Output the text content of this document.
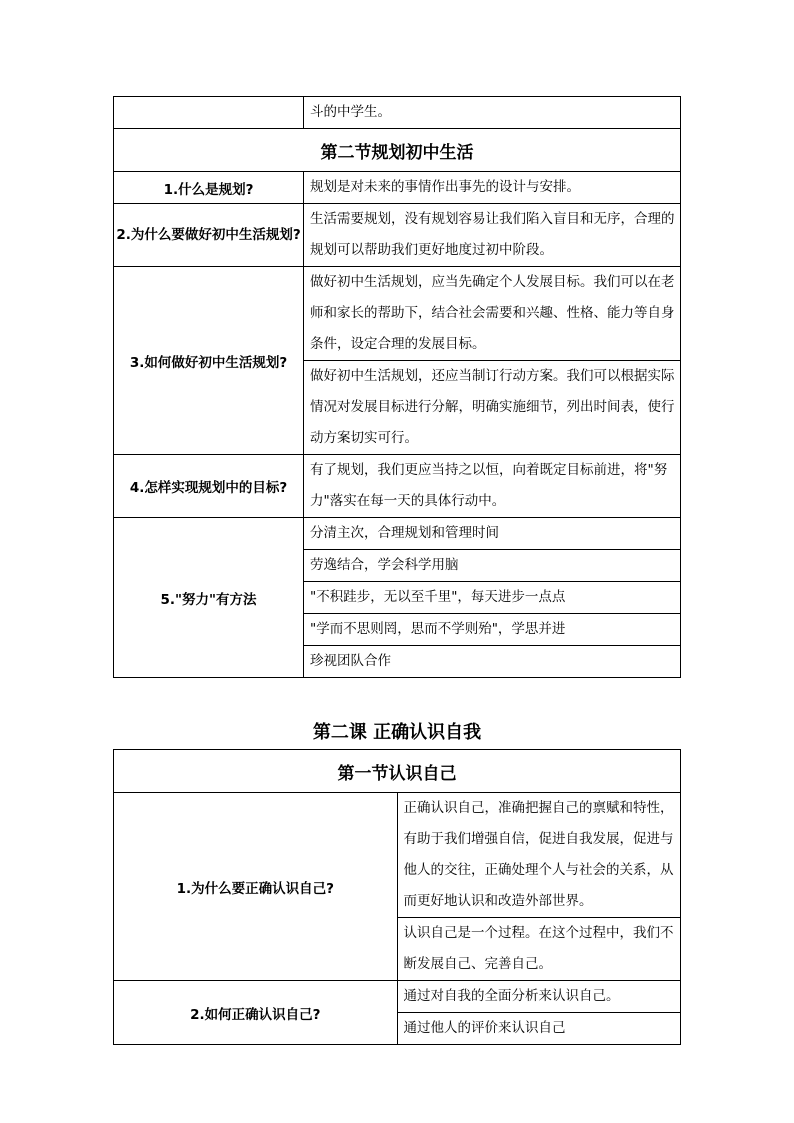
	斗的中学生。
第二节规划初中生活	
1.什么是规划?	规划是对未来的事情作出事先的设计与安排。
2.为什么要做好初中生活规划?	生活需要规划，没有规划容易让我们陷入盲目和无序，合理的规划可以帮助我们更好地度过初中阶段。
3.如何做好初中生活规划?	做好初中生活规划，应当先确定个人发展目标。我们可以在老师和家长的帮助下，结合社会需要和兴趣、性格、能力等自身条件，设定合理的发展目标。
	做好初中生活规划，还应当制订行动方案。我们可以根据实际情况对发展目标进行分解，明确实施细节，列出时间表，使行动方案切实可行。
4.怎样实现规划中的目标?	有了规划，我们更应当持之以恒，向着既定目标前进，将"努力"落实在每一天的具体行动中。
5."努力"有方法	分清主次，合理规划和管理时间
	劳逸结合，学会科学用脑
	"不积跬步，无以至千里"，每天进步一点点
	"学而不思则罔，思而不学则殆"，学思并进
	珍视团队合作
第二课 正确认识自我
第一节认识自己	
1.为什么要正确认识自己?	正确认识自己，准确把握自己的禀赋和特性，有助于我们增强自信，促进自我发展，促进与他人的交往，正确处理个人与社会的关系，从而更好地认识和改造外部世界。
	认识自己是一个过程。在这个过程中，我们不断发展自己、完善自己。
2.如何正确认识自己?	通过对自我的全面分析来认识自己。
	通过他人的评价来认识自己
